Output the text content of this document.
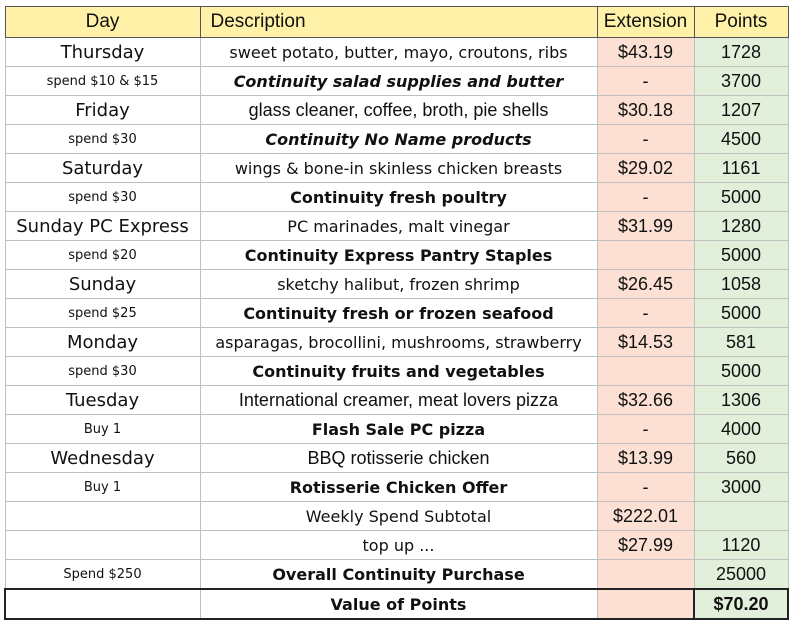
Day	Description	Extension	Points
Thursday	sweet potato, butter, mayo, croutons, ribs	$43.19	1728
spend $10 & $15	Continuity salad supplies and butter	-	3700
Friday	glass cleaner, coffee, broth, pie shells	$30.18	1207
spend $30	Continuity No Name products	-	4500
Saturday	wings & bone-in skinless chicken breasts	$29.02	1161
spend $30	Continuity fresh poultry	-	5000
Sunday PC Express	PC marinades, malt vinegar	$31.99	1280
spend $20	Continuity Express Pantry Staples		5000
Sunday	sketchy halibut, frozen shrimp	$26.45	1058
spend $25	Continuity fresh or frozen seafood	-	5000
Monday	asparagas, brocollini, mushrooms, strawberry	$14.53	581
spend $30	Continuity fruits and vegetables		5000
Tuesday	International creamer, meat lovers pizza	$32.66	1306
Buy 1	Flash Sale PC pizza	-	4000
Wednesday	BBQ rotisserie chicken	$13.99	560
Buy 1	Rotisserie Chicken Offer	-	3000
	Weekly Spend Subtotal	$222.01	
	top up ...	$27.99	1120
Spend $250	Overall Continuity Purchase		25000
	Value of Points		$70.20
